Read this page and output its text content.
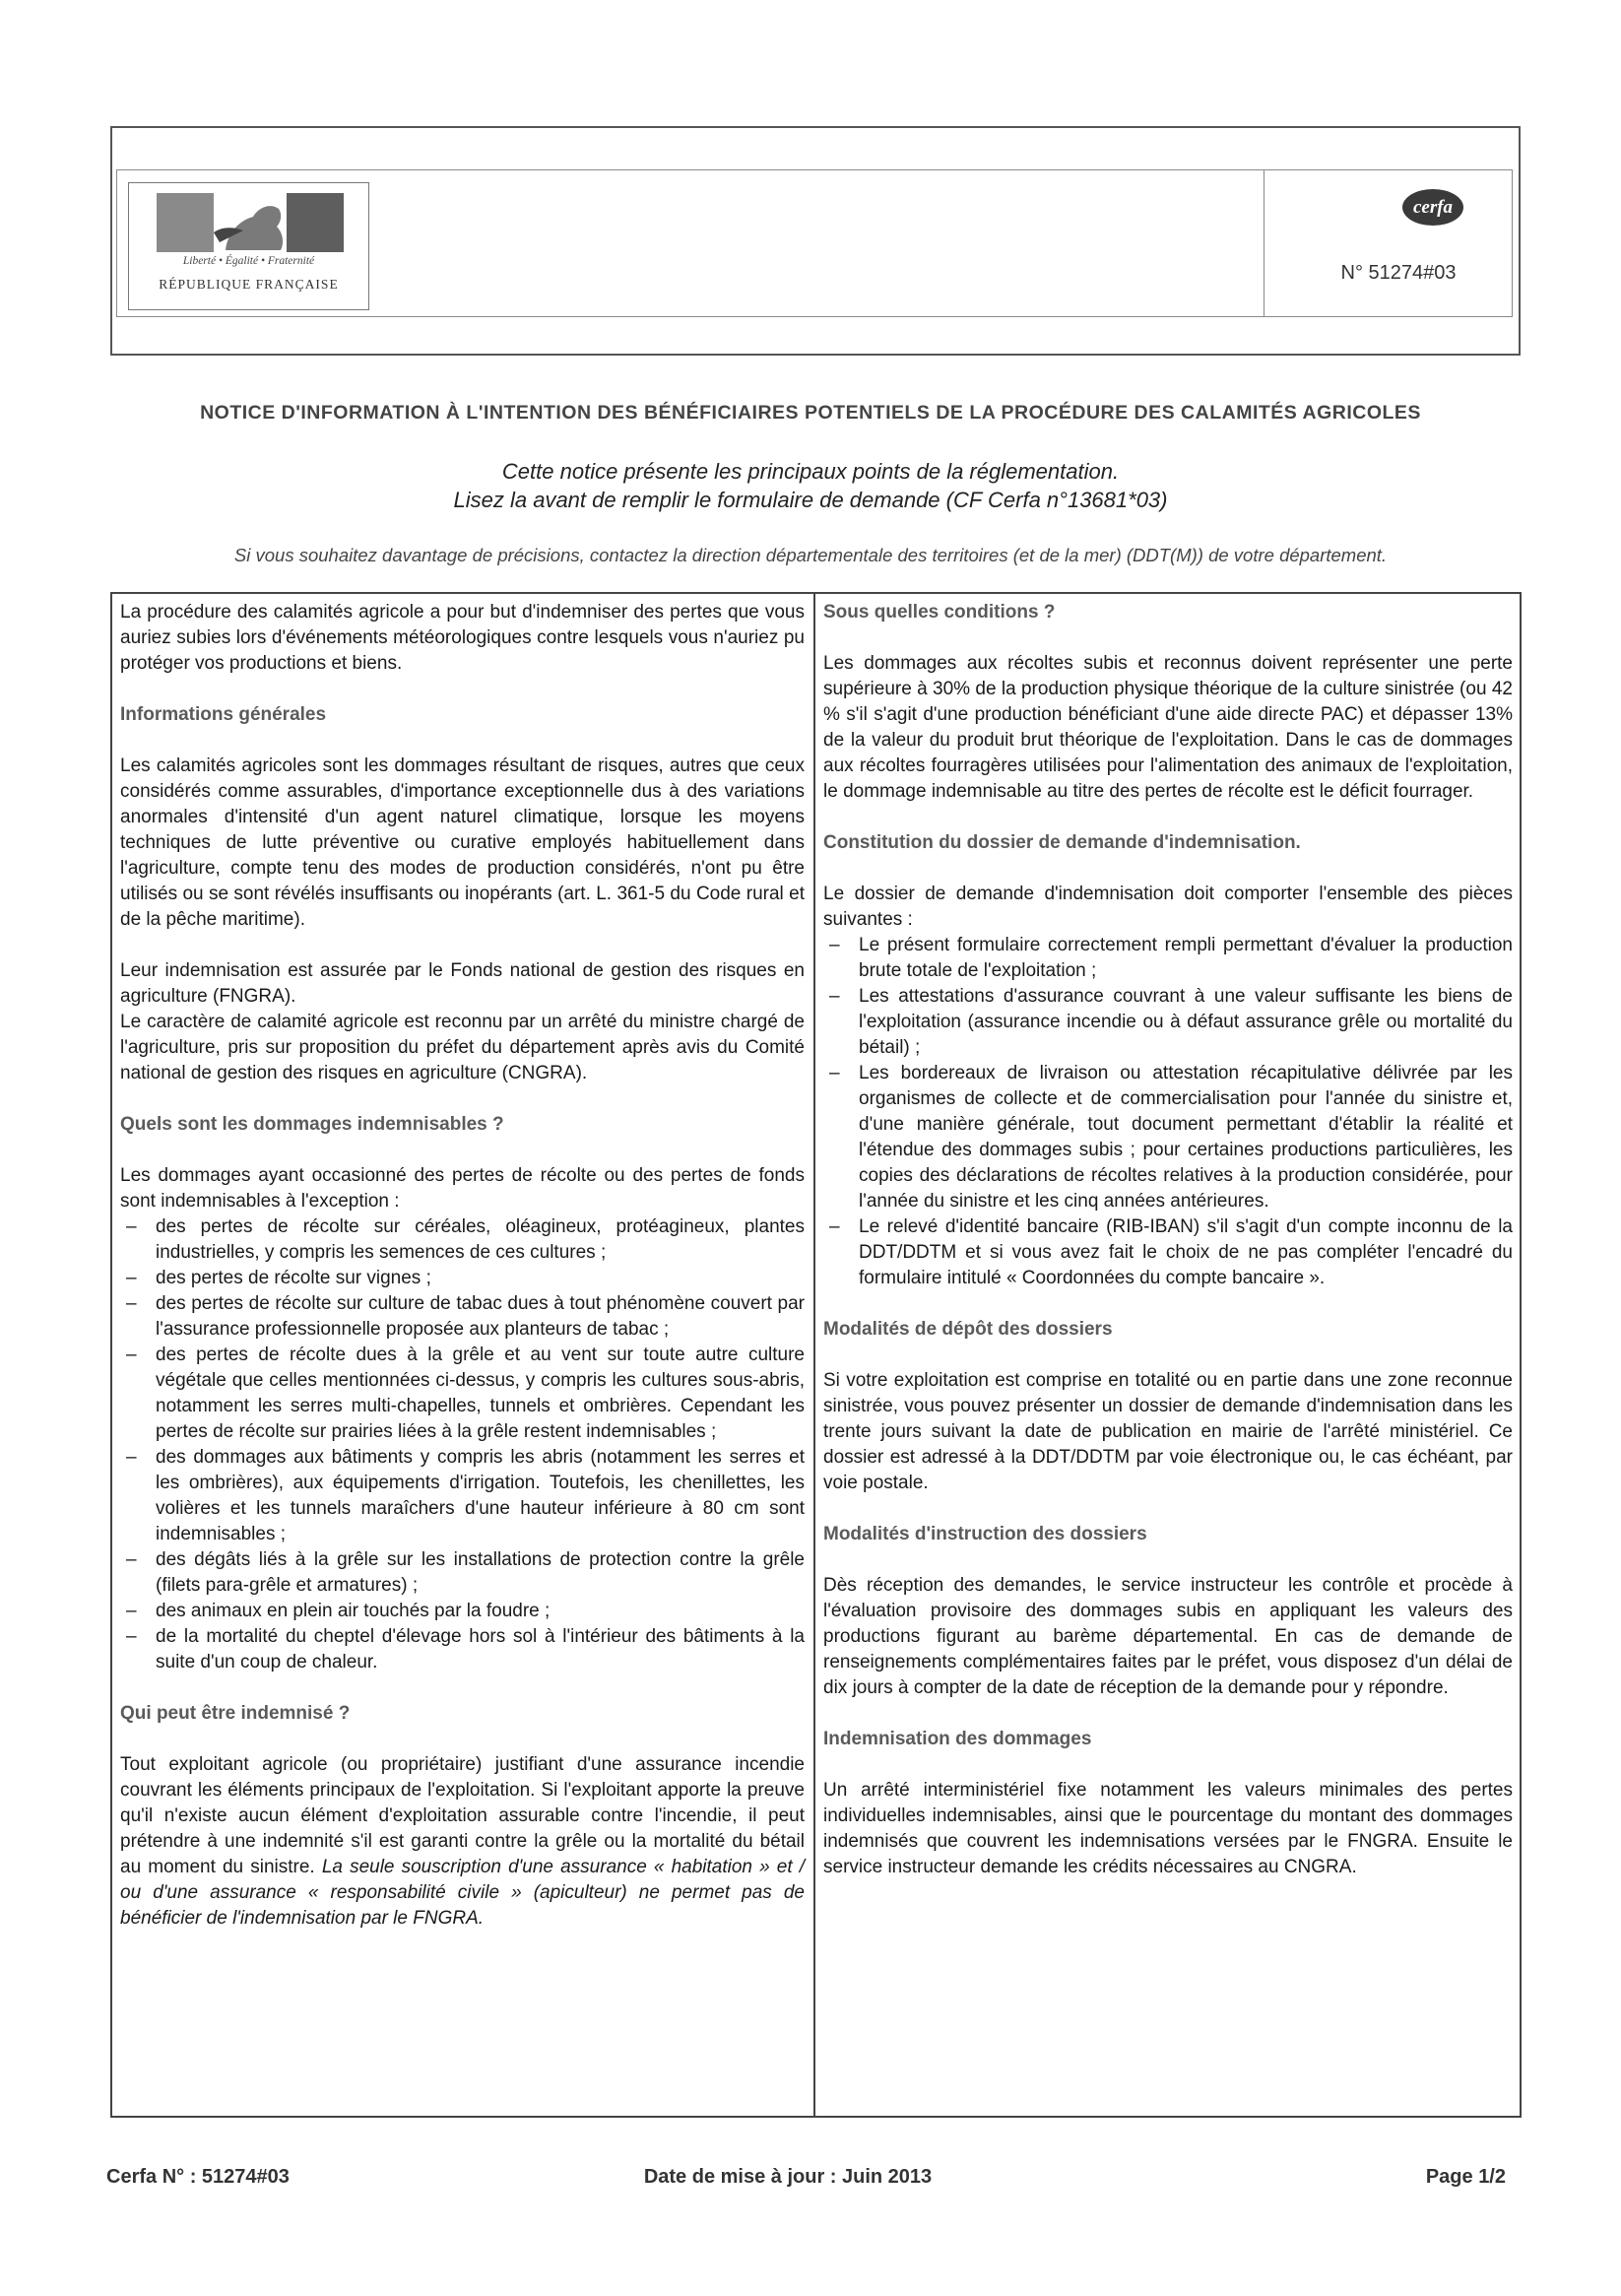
Liberté • Égalité • Fraternité
RÉPUBLIQUE FRANÇAISE
cerfa
N° 51274#03
NOTICE D'INFORMATION À L'INTENTION DES BÉNÉFICIAIRES POTENTIELS DE LA PROCÉDURE DES CALAMITÉS AGRICOLES
Cette notice présente les principaux points de la réglementation.
Lisez la avant de remplir le formulaire de demande (CF Cerfa n°13681*03)
Si vous souhaitez davantage de précisions, contactez la direction départementale des territoires (et de la mer) (DDT(M)) de votre département.

La procédure des calamités agricole a pour but d'indemniser des pertes que vous auriez subies lors d'événements météorologiques contre lesquels vous n'auriez pu protéger vos productions et biens.

Informations générales

Les calamités agricoles sont les dommages résultant de risques, autres que ceux considérés comme assurables, d'importance exceptionnelle dus à des variations anormales d'intensité d'un agent naturel climatique, lorsque les moyens techniques de lutte préventive ou curative employés habituellement dans l'agriculture, compte tenu des modes de production considérés, n'ont pu être utilisés ou se sont révélés insuffisants ou inopérants (art. L. 361-5 du Code rural et de la pêche maritime).

Leur indemnisation est assurée par le Fonds national de gestion des risques en agriculture (FNGRA).

Le caractère de calamité agricole est reconnu par un arrêté du ministre chargé de l'agriculture, pris sur proposition du préfet du département après avis du Comité national de gestion des risques en agriculture (CNGRA).

Quels sont les dommages indemnisables ?

Les dommages ayant occasionné des pertes de récolte ou des pertes de fonds sont indemnisables à l'exception :

– des pertes de récolte sur céréales, oléagineux, protéagineux, plantes industrielles, y compris les semences de ces cultures ;
– des pertes de récolte sur vignes ;
– des pertes de récolte sur culture de tabac dues à tout phénomène couvert par l'assurance professionnelle proposée aux planteurs de tabac ;
– des pertes de récolte dues à la grêle et au vent sur toute autre culture végétale que celles mentionnées ci-dessus, y compris les cultures sous-abris, notamment les serres multi-chapelles, tunnels et ombrières. Cependant les pertes de récolte sur prairies liées à la grêle restent indemnisables ;
– des dommages aux bâtiments y compris les abris (notamment les serres et les ombrières), aux équipements d'irrigation. Toutefois, les chenillettes, les volières et les tunnels maraîchers d'une hauteur inférieure à 80 cm sont indemnisables ;
– des dégâts liés à la grêle sur les installations de protection contre la grêle (filets para-grêle et armatures) ;
– des animaux en plein air touchés par la foudre ;
– de la mortalité du cheptel d'élevage hors sol à l'intérieur des bâtiments à la suite d'un coup de chaleur.
Qui peut être indemnisé ?

Tout exploitant agricole (ou propriétaire) justifiant d'une assurance incendie couvrant les éléments principaux de l'exploitation. Si l'exploitant apporte la preuve qu'il n'existe aucun élément d'exploitation assurable contre l'incendie, il peut prétendre à une indemnité s'il est garanti contre la grêle ou la mortalité du bétail au moment du sinistre. La seule souscription d'une assurance « habitation » et / ou d'une assurance « responsabilité civile » (apiculteur) ne permet pas de bénéficier de l'indemnisation par le FNGRA.

Sous quelles conditions ?

Les dommages aux récoltes subis et reconnus doivent représenter une perte supérieure à 30% de la production physique théorique de la culture sinistrée (ou 42 % s'il s'agit d'une production bénéficiant d'une aide directe PAC) et dépasser 13% de la valeur du produit brut théorique de l'exploitation. Dans le cas de dommages aux récoltes fourragères utilisées pour l'alimentation des animaux de l'exploitation, le dommage indemnisable au titre des pertes de récolte est le déficit fourrager.

Constitution du dossier de demande d'indemnisation.

Le dossier de demande d'indemnisation doit comporter l'ensemble des pièces suivantes :

– Le présent formulaire correctement rempli permettant d'évaluer la production brute totale de l'exploitation ;
– Les attestations d'assurance couvrant à une valeur suffisante les biens de l'exploitation (assurance incendie ou à défaut assurance grêle ou mortalité du bétail) ;
– Les bordereaux de livraison ou attestation récapitulative délivrée par les organismes de collecte et de commercialisation pour l'année du sinistre et, d'une manière générale, tout document permettant d'établir la réalité et l'étendue des dommages subis ; pour certaines productions particulières, les copies des déclarations de récoltes relatives à la production considérée, pour l'année du sinistre et les cinq années antérieures.
– Le relevé d'identité bancaire (RIB-IBAN) s'il s'agit d'un compte inconnu de la DDT/DDTM et si vous avez fait le choix de ne pas compléter l'encadré du formulaire intitulé « Coordonnées du compte bancaire ».
Modalités de dépôt des dossiers

Si votre exploitation est comprise en totalité ou en partie dans une zone reconnue sinistrée, vous pouvez présenter un dossier de demande d'indemnisation dans les trente jours suivant la date de publication en mairie de l'arrêté ministériel. Ce dossier est adressé à la DDT/DDTM par voie électronique ou, le cas échéant, par voie postale.

Modalités d'instruction des dossiers

Dès réception des demandes, le service instructeur les contrôle et procède à l'évaluation provisoire des dommages subis en appliquant les valeurs des productions figurant au barème départemental. En cas de demande de renseignements complémentaires faites par le préfet, vous disposez d'un délai de dix jours à compter de la date de réception de la demande pour y répondre.

Indemnisation des dommages

Un arrêté interministériel fixe notamment les valeurs minimales des pertes individuelles indemnisables, ainsi que le pourcentage du montant des dommages indemnisés que couvrent les indemnisations versées par le FNGRA. Ensuite le service instructeur demande les crédits nécessaires au CNGRA.

Cerfa N° : 51274#03	Date de mise à jour : Juin 2013	Page 1/2
